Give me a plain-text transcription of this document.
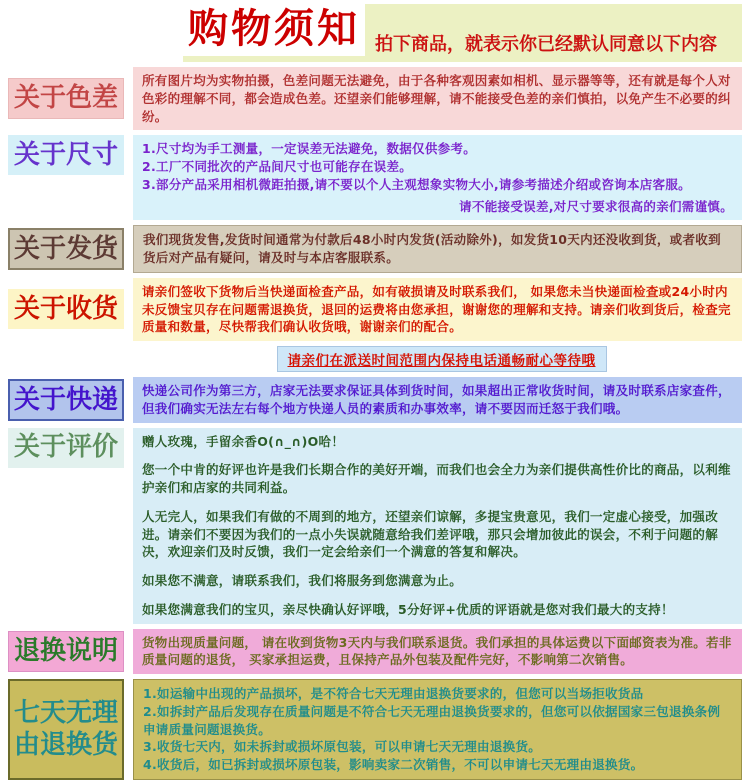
购物须知 拍下商品，就表示你已经默认同意以下内容
关于色差

所有图片均为实物拍摄，色差问题无法避免，由于各种客观因素如相机、显示器等等，还有就是每个人对色彩的理解不同，都会造成色差。还望亲们能够理解，请不能接受色差的亲们慎拍，以免产生不必要的纠纷。

关于尺寸	1.尺寸均为手工测量，一定误差无法避免，数据仅供参考。
2.工厂不同批次的产品间尺寸也可能存在误差。
3.部分产品采用相机微距拍摄,请不要以个人主观想象实物大小,请参考描述介绍或咨询本店客服。
请不能接受误差,对尺寸要求很高的亲们需谨慎。
关于发货	我们现货发售,发货时间通常为付款后48小时内发货(活动除外)，如发货10天内还没收到货，或者收到货后对产品有疑问，请及时与本店客服联系。

关于收货

请亲们签收下货物后当快递面检查产品，如有破损请及时联系我们， 如果您未当快递面检查或24小时内未反馈宝贝存在问题需退换货，退回的运费将由您承担，谢谢您的理解和支持。请亲们收到货后，检查完质量和数量，尽快帮我们确认收货哦，谢谢亲们的配合。

请亲们在派送时间范围内保持电话通畅耐心等待哦
关于快递	快递公司作为第三方，店家无法要求保证具体到货时间，如果超出正常收货时间，请及时联系店家查件，但我们确实无法左右每个地方快递人员的素质和办事效率，请不要因而迁怒于我们哦。

关于评价	赠人玫瑰，手留余香O(∩_∩)O哈！

您一个中肯的好评也许是我们长期合作的美好开端，而我们也会全力为亲们提供高性价比的商品，以利维护亲们和店家的共同利益。

人无完人，如果我们有做的不周到的地方，还望亲们谅解，多提宝贵意见，我们一定虚心接受，加强改进。请亲们不要因为我们的一点小失误就随意给我们差评哦，那只会增加彼此的误会，不利于问题的解决，欢迎亲们及时反馈，我们一定会给亲们一个满意的答复和解决。

如果您不满意，请联系我们，我们将服务到您满意为止。

如果您满意我们的宝贝，亲尽快确认好评哦，5分好评+优质的评语就是您对我们最大的支持！

退换说明	货物出现质量问题， 请在收到货物3天内与我们联系退货。我们承担的具体运费以下面邮资表为准。若非质量问题的退货， 买家承担运费，且保持产品外包装及配件完好，不影响第二次销售。

七天无理由退换货
1.如运输中出现的产品损坏，是不符合七天无理由退换货要求的，但您可以当场拒收货品
2.如拆封产品后发现存在质量问题是不符合七天无理由退换货要求的，但您可以依据国家三包退换条例申请质量问题退换货。
3.收货七天内，如未拆封或损坏原包装，可以申请七天无理由退换货。
4.收货后，如已拆封或损坏原包装，影响卖家二次销售，不可以申请七天无理由退换货。
